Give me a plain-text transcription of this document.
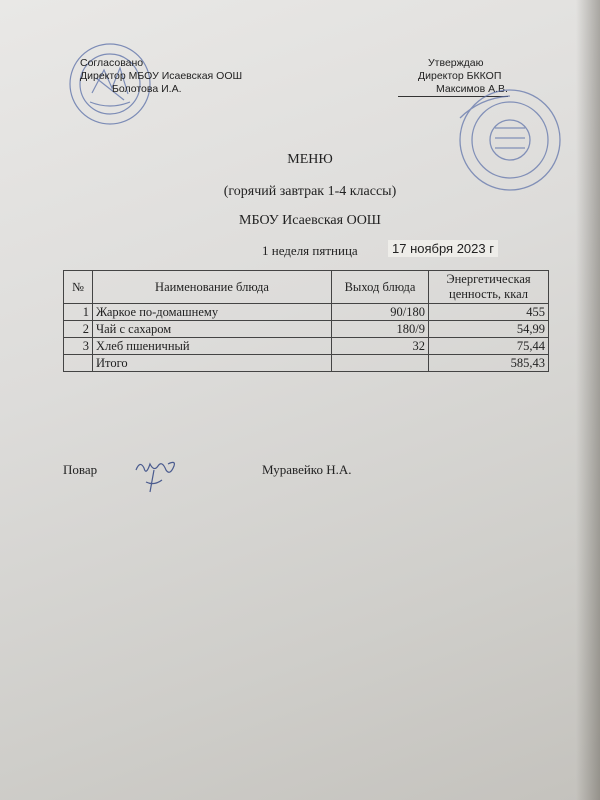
Согласовано
Директор МБОУ Исаевская ООШ
Болотова И.А.
Утверждаю
Директор БККОП
Максимов А.В.
МЕНЮ
(горячий завтрак 1-4 классы)
МБОУ Исаевская ООШ
1 неделя пятница	17 ноября 2023 г
№	Наименование блюда	Выход блюда	Энергетическая ценность, ккал
1	Жаркое по-домашнему	90/180	455
2	Чай с сахаром	180/9	54,99
3	Хлеб пшеничный	32	75,44
	Итого		585,43
Повар	Муравейко Н.А.
